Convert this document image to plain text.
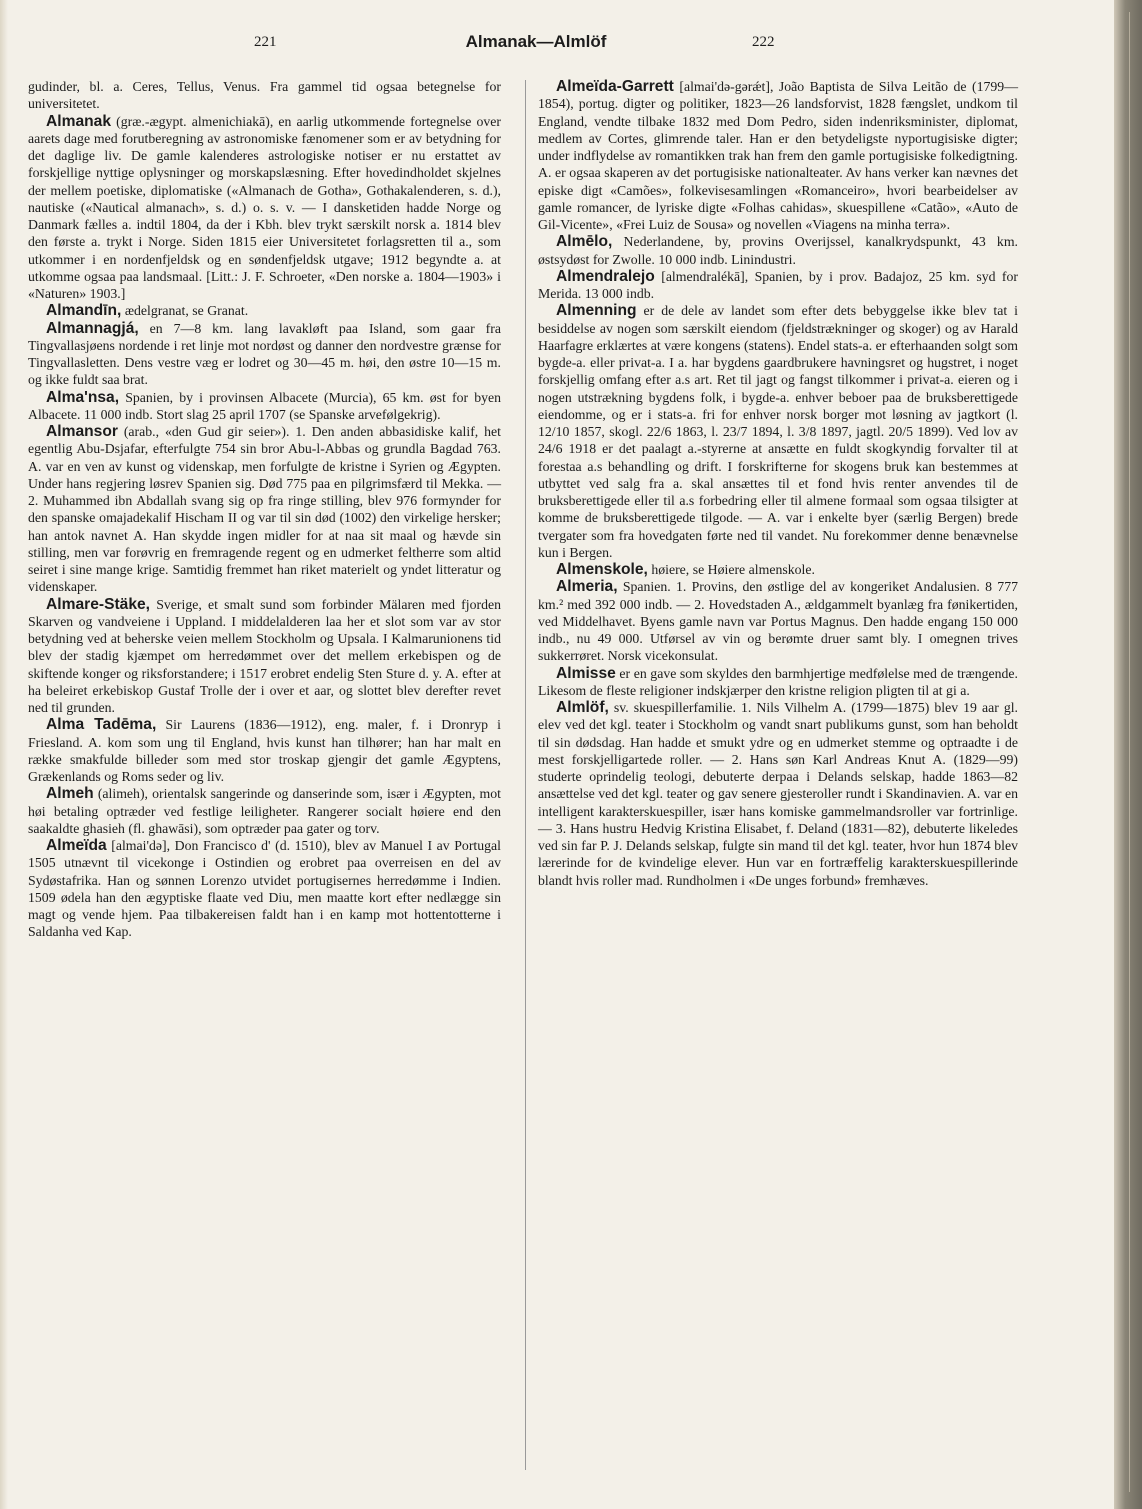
221	Almanak—Almlöf	222

gudinder, bl. a. Ceres, Tellus, Venus. Fra gammel tid ogsaa betegnelse for universitetet.

Almanak (græ.-ægypt. almenichiakā), en aarlig utkommende fortegnelse over aarets dage med forutberegning av astronomiske fænomener som er av betydning for det daglige liv. De gamle kalenderes astrologiske notiser er nu erstattet av forskjellige nyttige oplysninger og morskapslæsning. Efter hovedindholdet skjelnes der mellem poetiske, diplomatiske («Almanach de Gotha», Gothakalenderen, s. d.), nautiske («Nautical almanach», s. d.) o. s. v. — I dansketiden hadde Norge og Danmark fælles a. indtil 1804, da der i Kbh. blev trykt særskilt norsk a. 1814 blev den første a. trykt i Norge. Siden 1815 eier Universitetet forlagsretten til a., som utkommer i en nordenfjeldsk og en søndenfjeldsk utgave; 1912 begyndte a. at utkomme ogsaa paa landsmaal. [Litt.: J. F. Schroeter, «Den norske a. 1804—1903» i «Naturen» 1903.]

Almandīn, ædelgranat, se Granat.

Almannagjá, en 7—8 km. lang lavakløft paa Island, som gaar fra Tingvallasjøens nordende i ret linje mot nordøst og danner den nordvestre grænse for Tingvallasletten. Dens vestre væg er lodret og 30—45 m. høi, den østre 10—15 m. og ikke fuldt saa brat.

Alma'nsa, Spanien, by i provinsen Albacete (Murcia), 65 km. øst for byen Albacete. 11 000 indb. Stort slag 25 april 1707 (se Spanske arvefølgekrig).

Almansor (arab., «den Gud gir seier»). 1. Den anden abbasidiske kalif, het egentlig Abu-Dsjafar, efterfulgte 754 sin bror Abu-l-Abbas og grundla Bagdad 763. A. var en ven av kunst og videnskap, men forfulgte de kristne i Syrien og Ægypten. Under hans regjering løsrev Spanien sig. Død 775 paa en pilgrimsfærd til Mekka. — 2. Muhammed ibn Abdallah svang sig op fra ringe stilling, blev 976 formynder for den spanske omajadekalif Hischam II og var til sin død (1002) den virkelige hersker; han antok navnet A. Han skydde ingen midler for at naa sit maal og hævde sin stilling, men var forøvrig en fremragende regent og en udmerket feltherre som altid seiret i sine mange krige. Samtidig fremmet han riket materielt og yndet litteratur og videnskaper.

Almare-Stäke, Sverige, et smalt sund som forbinder Mälaren med fjorden Skarven og vandveiene i Uppland. I middelalderen laa her et slot som var av stor betydning ved at beherske veien mellem Stockholm og Upsala. I Kalmarunionens tid blev der stadig kjæmpet om herredømmet over det mellem erkebispen og de skiftende konger og riksforstandere; i 1517 erobret endelig Sten Sture d. y. A. efter at ha beleiret erkebiskop Gustaf Trolle der i over et aar, og slottet blev derefter revet ned til grunden.

Alma Tadēma, Sir Laurens (1836—1912), eng. maler, f. i Dronryp i Friesland. A. kom som ung til England, hvis kunst han tilhører; han har malt en række smakfulde billeder som med stor troskap gjengir det gamle Ægyptens, Grækenlands og Roms seder og liv.

Almeh (alimeh), orientalsk sangerinde og danserinde som, især i Ægypten, mot høi betaling optræder ved festlige leiligheter. Rangerer socialt høiere end den saakaldte ghasieh (fl. ghawāsi), som optræder paa gater og torv.

Almeïda [almai'də], Don Francisco d' (d. 1510), blev av Manuel I av Portugal 1505 utnævnt til vicekonge i Ostindien og erobret paa overreisen en del av Sydøstafrika. Han og sønnen Lorenzo utvidet portugisernes herredømme i Indien. 1509 ødela han den ægyptiske flaate ved Diu, men maatte kort efter nedlægge sin magt og vende hjem. Paa tilbakereisen faldt han i en kamp mot hottentotterne i Saldanha ved Kap.

Almeïda-Garrett [almai'də-gərǽt], João Baptista de Silva Leitão de (1799—1854), portug. digter og politiker, 1823—26 landsforvist, 1828 fængslet, undkom til England, vendte tilbake 1832 med Dom Pedro, siden indenriksminister, diplomat, medlem av Cortes, glimrende taler. Han er den betydeligste nyportugisiske digter; under indflydelse av romantikken trak han frem den gamle portugisiske folkedigtning. A. er ogsaa skaperen av det portugisiske nationalteater. Av hans verker kan nævnes det episke digt «Camões», folkevisesamlingen «Romanceiro», hvori bearbeidelser av gamle romancer, de lyriske digte «Folhas cahidas», skuespillene «Catão», «Auto de Gil-Vicente», «Frei Luiz de Sousa» og novellen «Viagens na minha terra».

Almēlo, Nederlandene, by, provins Overijssel, kanalkrydspunkt, 43 km. østsydøst for Zwolle. 10 000 indb. Linindustri.

Almendralejo [almendralékā], Spanien, by i prov. Badajoz, 25 km. syd for Merida. 13 000 indb.

Almenning er de dele av landet som efter dets bebyggelse ikke blev tat i besiddelse av nogen som særskilt eiendom (fjeldstrækninger og skoger) og av Harald Haarfagre erklærtes at være kongens (statens). Endel stats-a. er efterhaanden solgt som bygde-a. eller privat-a. I a. har bygdens gaardbrukere havningsret og hugstret, i noget forskjellig omfang efter a.s art. Ret til jagt og fangst tilkommer i privat-a. eieren og i nogen utstrækning bygdens folk, i bygde-a. enhver beboer paa de bruksberettigede eiendomme, og er i stats-a. fri for enhver norsk borger mot løsning av jagtkort (l. 12/10 1857, skogl. 22/6 1863, l. 23/7 1894, l. 3/8 1897, jagtl. 20/5 1899). Ved lov av 24/6 1918 er det paalagt a.-styrerne at ansætte en fuldt skogkyndig forvalter til at forestaa a.s behandling og drift. I forskrifterne for skogens bruk kan bestemmes at utbyttet ved salg fra a. skal ansættes til et fond hvis renter anvendes til de bruksberettigede eller til a.s forbedring eller til almene formaal som ogsaa tilsigter at komme de bruksberettigede tilgode. — A. var i enkelte byer (særlig Bergen) brede tvergater som fra hovedgaten førte ned til vandet. Nu forekommer denne benævnelse kun i Bergen.

Almenskole, høiere, se Høiere almenskole.

Almeria, Spanien. 1. Provins, den østlige del av kongeriket Andalusien. 8 777 km.² med 392 000 indb. — 2. Hovedstaden A., ældgammelt byanlæg fra fønikertiden, ved Middelhavet. Byens gamle navn var Portus Magnus. Den hadde engang 150 000 indb., nu 49 000. Utførsel av vin og berømte druer samt bly. I omegnen trives sukkerrøret. Norsk vicekonsulat.

Almisse er en gave som skyldes den barmhjertige medfølelse med de trængende. Likesom de fleste religioner indskjærper den kristne religion pligten til at gi a.

Almlöf, sv. skuespillerfamilie. 1. Nils Vilhelm A. (1799—1875) blev 19 aar gl. elev ved det kgl. teater i Stockholm og vandt snart publikums gunst, som han beholdt til sin dødsdag. Han hadde et smukt ydre og en udmerket stemme og optraadte i de mest forskjelligartede roller. — 2. Hans søn Karl Andreas Knut A. (1829—99) studerte oprindelig teologi, debuterte derpaa i Delands selskap, hadde 1863—82 ansættelse ved det kgl. teater og gav senere gjesteroller rundt i Skandinavien. A. var en intelligent karakterskuespiller, især hans komiske gammelmandsroller var fortrinlige. — 3. Hans hustru Hedvig Kristina Elisabet, f. Deland (1831—82), debuterte likeledes ved sin far P. J. Delands selskap, fulgte sin mand til det kgl. teater, hvor hun 1874 blev lærerinde for de kvindelige elever. Hun var en fortræffelig karakterskuespillerinde blandt hvis roller mad. Rundholmen i «De unges forbund» fremhæves.
